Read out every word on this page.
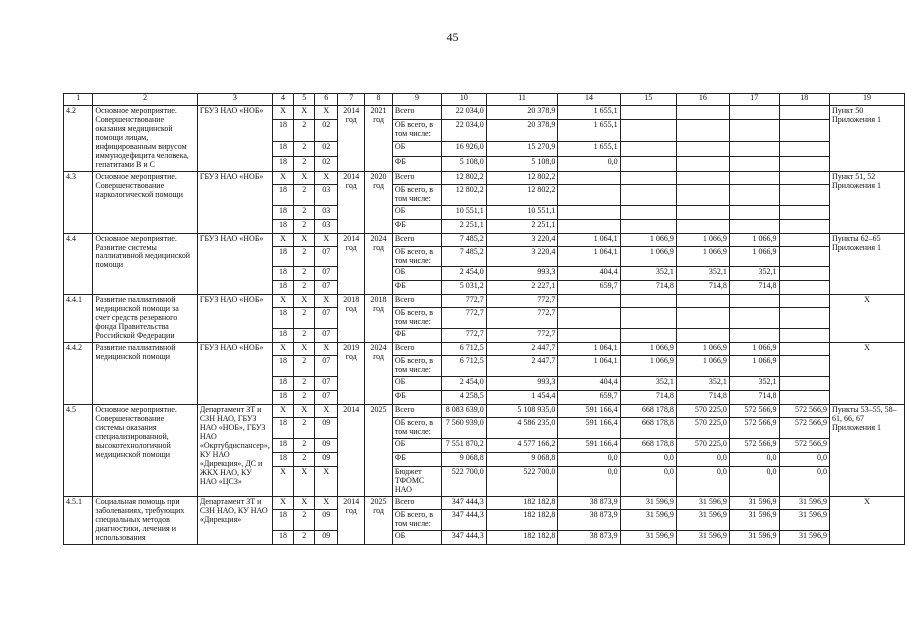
45
1	2	3	4	5	6	7	8	9	10	11	14	15	16	17	18	19
4.2	Основное мероприятие. Совершенствование оказания медицинской помощи лицам, инфицированным вирусом иммунодефицита человека, гепатитами В и С	ГБУЗ НАО «НОБ»	Х	Х	Х	2014 год	2021 год	Всего	22 034,0	20 378,9	1 655,1					Пункт 50 Приложения 1
			18	2	02			ОБ всего, в том числе:	22 034,0	20 378,9	1 655,1					
			18	2	02			ОБ	16 926,0	15 270,9	1 655,1					
			18	2	02			ФБ	5 108,0	5 108,0	0,0					
4.3	Основное мероприятие. Совершенствование наркологической помощи	ГБУЗ НАО «НОБ»	Х	Х	Х	2014 год	2020 год	Всего	12 802,2	12 802,2						Пункт 51, 52 Приложения 1
			18	2	03			ОБ всего, в том числе:	12 802,2	12 802,2						
			18	2	03			ОБ	10 551,1	10 551,1						
			18	2	03			ФБ	2 251,1	2 251,1						
4.4	Основное мероприятие. Развитие системы паллиативной медицинской помощи	ГБУЗ НАО «НОБ»	Х	Х	Х	2014 год	2024 год	Всего	7 485,2	3 220,4	1 064,1	1 066,9	1 066,9	1 066,9		Пункты 62–65 Приложения 1
			18	2	07			ОБ всего, в том числе:	7 485,2	3 220,4	1 064,1	1 066,9	1 066,9	1 066,9		
			18	2	07			ОБ	2 454,0	993,3	404,4	352,1	352,1	352,1		
			18	2	07			ФБ	5 031,2	2 227,1	659,7	714,8	714,8	714,8		
4.4.1	Развитие паллиативной медицинской помощи за счет средств резервного фонда Правительства Российской Федерации	ГБУЗ НАО «НОБ»	Х	Х	Х	2018 год	2018 год	Всего	772,7	772,7						Х
			18	2	07			ОБ всего, в том числе:	772,7	772,7						
			18	2	07			ФБ	772,7	772,7						
4.4.2	Развитие паллиативной медицинской помощи	ГБУЗ НАО «НОБ»	Х	Х	Х	2019 год	2024 год	Всего	6 712,5	2 447,7	1 064,1	1 066,9	1 066,9	1 066,9		Х
			18	2	07			ОБ всего, в том числе:	6 712,5	2 447,7	1 064,1	1 066,9	1 066,9	1 066,9		
			18	2	07			ОБ	2 454,0	993,3	404,4	352,1	352,1	352,1		
			18	2	07			ФБ	4 258,5	1 454,4	659,7	714,8	714,8	714,8		
4.5	Основное мероприятие. Совершенствование системы оказания специализированной, высокотехнологичной медицинской помощи	Департамент ЗТ и СЗН НАО, ГБУЗ НАО «НОБ», ГБУЗ НАО «Окртубдиспансер», КУ НАО «Дирекция», ДС и ЖКХ НАО, КУ НАО «ЦСЗ»	Х	Х	Х	2014	2025	Всего	8 083 639,0	5 108 935,0	591 166,4	668 178,8	570 225,0	572 566,9	572 566,9	Пункты 53–55, 58–61, 66, 67 Приложения 1
			18	2	09			ОБ всего, в том числе:	7 560 939,0	4 586 235,0	591 166,4	668 178,8	570 225,0	572 566,9	572 566,9	
			18	2	09			ОБ	7 551 870,2	4 577 166,2	591 166,4	668 178,8	570 225,0	572 566,9	572 566,9	
			18	2	09			ФБ	9 068,8	9 068,8	0,0	0,0	0,0	0,0	0,0	
			Х	Х	Х			Бюджет ТФОМС НАО	522 700,0	522 700,0	0,0	0,0	0,0	0,0	0,0	
4.5.1	Социальная помощь при заболеваниях, требующих специальных методов диагностики, лечения и использования	Департамент ЗТ и СЗН НАО, КУ НАО «Дирекция»	Х	Х	Х	2014 год	2025 год	Всего	347 444,3	182 182,8	38 873,9	31 596,9	31 596,9	31 596,9	31 596,9	Х
			18	2	09			ОБ всего, в том числе:	347 444,3	182 182,8	38 873,9	31 596,9	31 596,9	31 596,9	31 596,9	
			18	2	09			ОБ	347 444,3	182 182,8	38 873,9	31 596,9	31 596,9	31 596,9	31 596,9	
